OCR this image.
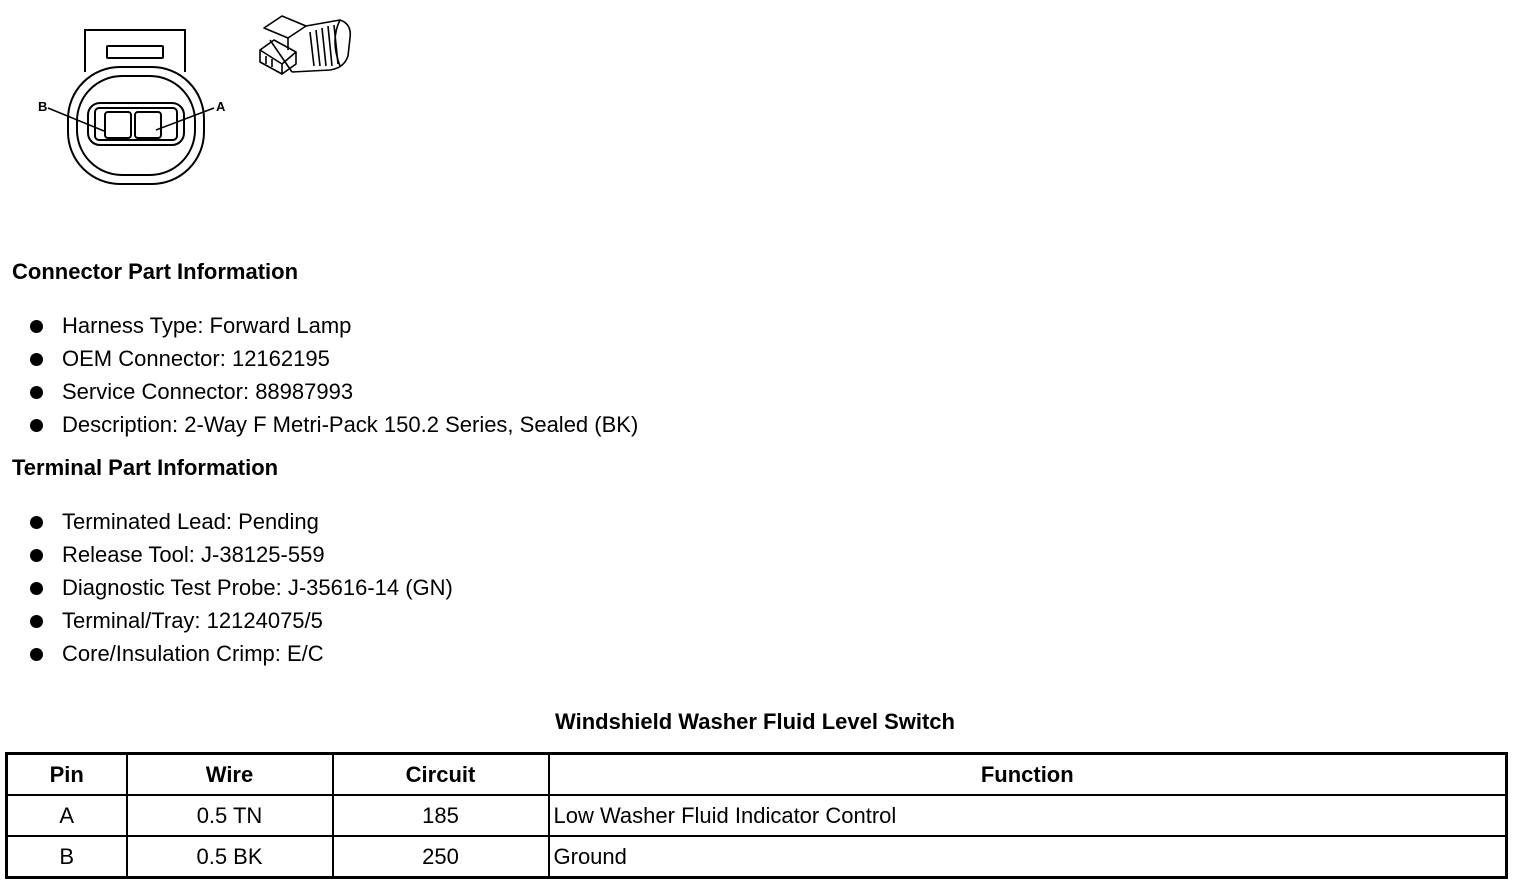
B	A
Connector Part Information
Harness Type: Forward Lamp
OEM Connector: 12162195
Service Connector: 88987993
Description: 2-Way F Metri-Pack 150.2 Series, Sealed (BK)
Terminal Part Information
Terminated Lead: Pending
Release Tool: J-38125-559
Diagnostic Test Probe: J-35616-14 (GN)
Terminal/Tray: 12124075/5
Core/Insulation Crimp: E/C
Windshield Washer Fluid Level Switch
Pin	Wire	Circuit	Function
A	0.5 TN	185	Low Washer Fluid Indicator Control
B	0.5 BK	250	Ground
